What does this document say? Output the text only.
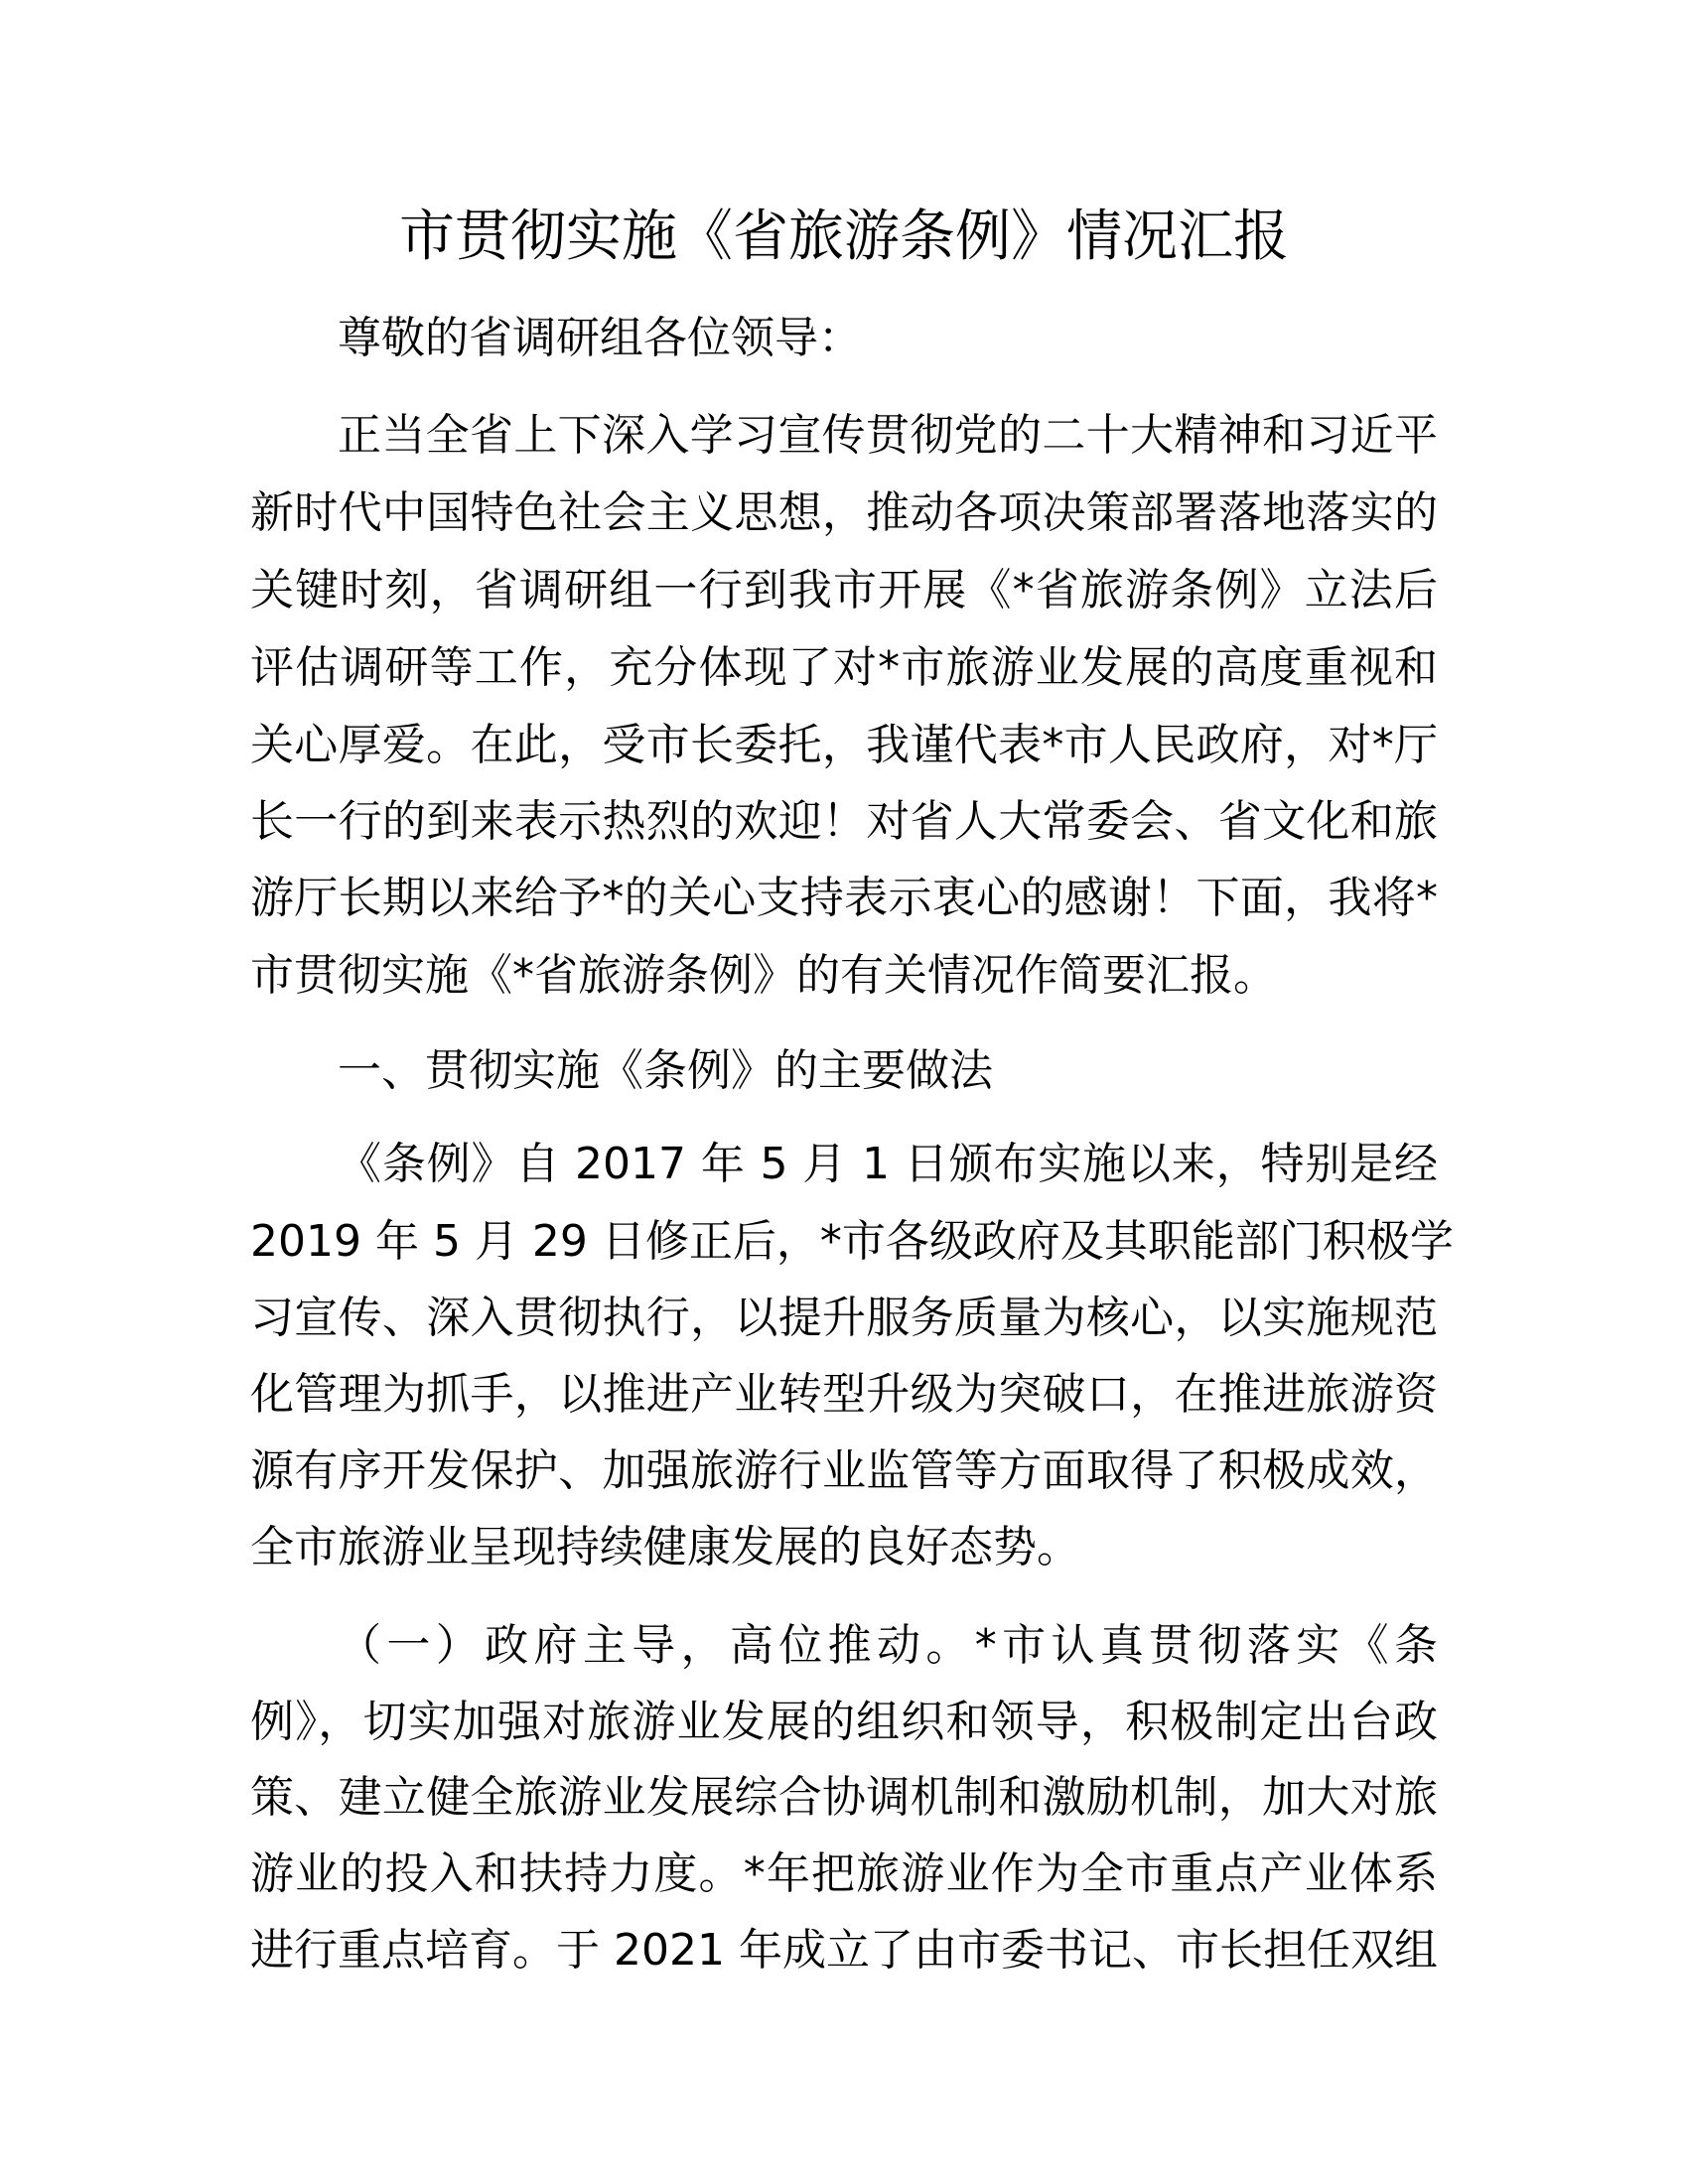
市贯彻实施《省旅游条例》情况汇报
尊敬的省调研组各位领导：
正当全省上下深入学习宣传贯彻党的二十大精神和习近平
新时代中国特色社会主义思想，推动各项决策部署落地落实的
关键时刻，省调研组一行到我市开展《*省旅游条例》立法后
评估调研等工作，充分体现了对*市旅游业发展的高度重视和
关心厚爱。在此，受市长委托，我谨代表*市人民政府，对*厅
长一行的到来表示热烈的欢迎！对省人大常委会、省文化和旅
游厅长期以来给予*的关心支持表示衷心的感谢！下面，我将*
市贯彻实施《*省旅游条例》的有关情况作简要汇报。
一、贯彻实施《条例》的主要做法
《条例》自 2017 年 5 月 1 日颁布实施以来，特别是经
2019 年 5 月 29 日修正后，*市各级政府及其职能部门积极学
习宣传、深入贯彻执行，以提升服务质量为核心，以实施规范
化管理为抓手，以推进产业转型升级为突破口，在推进旅游资
源有序开发保护、加强旅游行业监管等方面取得了积极成效，
全市旅游业呈现持续健康发展的良好态势。
（一）政府主导，高位推动。*市认真贯彻落实《条
例》，切实加强对旅游业发展的组织和领导，积极制定出台政
策、建立健全旅游业发展综合协调机制和激励机制，加大对旅
游业的投入和扶持力度。*年把旅游业作为全市重点产业体系
进行重点培育。于 2021 年成立了由市委书记、市长担任双组
